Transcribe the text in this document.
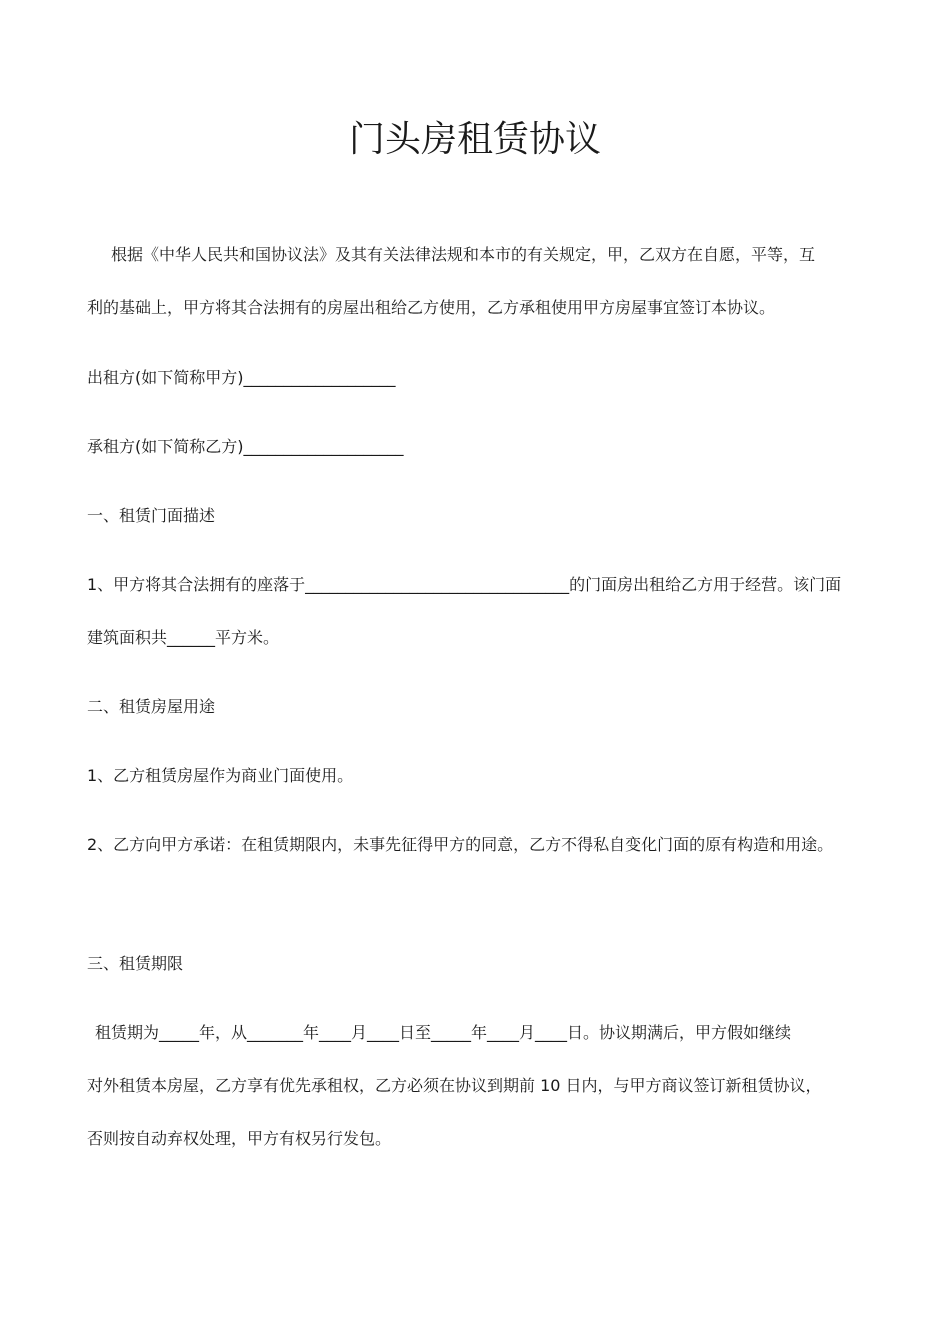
门头房租赁协议

根据《中华人民共和国协议法》及其有关法律法规和本市的有关规定，甲，乙双方在自愿，平等，互

利的基础上，甲方将其合法拥有的房屋出租给乙方使用，乙方承租使用甲方房屋事宜签订本协议。

出租方(如下简称甲方)___________________

承租方(如下简称乙方)____________________

一、租赁门面描述

1、甲方将其合法拥有的座落于_________________________________的门面房出租给乙方用于经营。该门面

建筑面积共______平方米。

二、租赁房屋用途

1、乙方租赁房屋作为商业门面使用。

2、乙方向甲方承诺：在租赁期限内，未事先征得甲方的同意，乙方不得私自变化门面的原有构造和用途。

三、租赁期限

租赁期为_____年，从_______年____月____日至_____年____月____日。协议期满后，甲方假如继续

对外租赁本房屋，乙方享有优先承租权，乙方必须在协议到期前 10 日内，与甲方商议签订新租赁协议，

否则按自动弃权处理，甲方有权另行发包。
